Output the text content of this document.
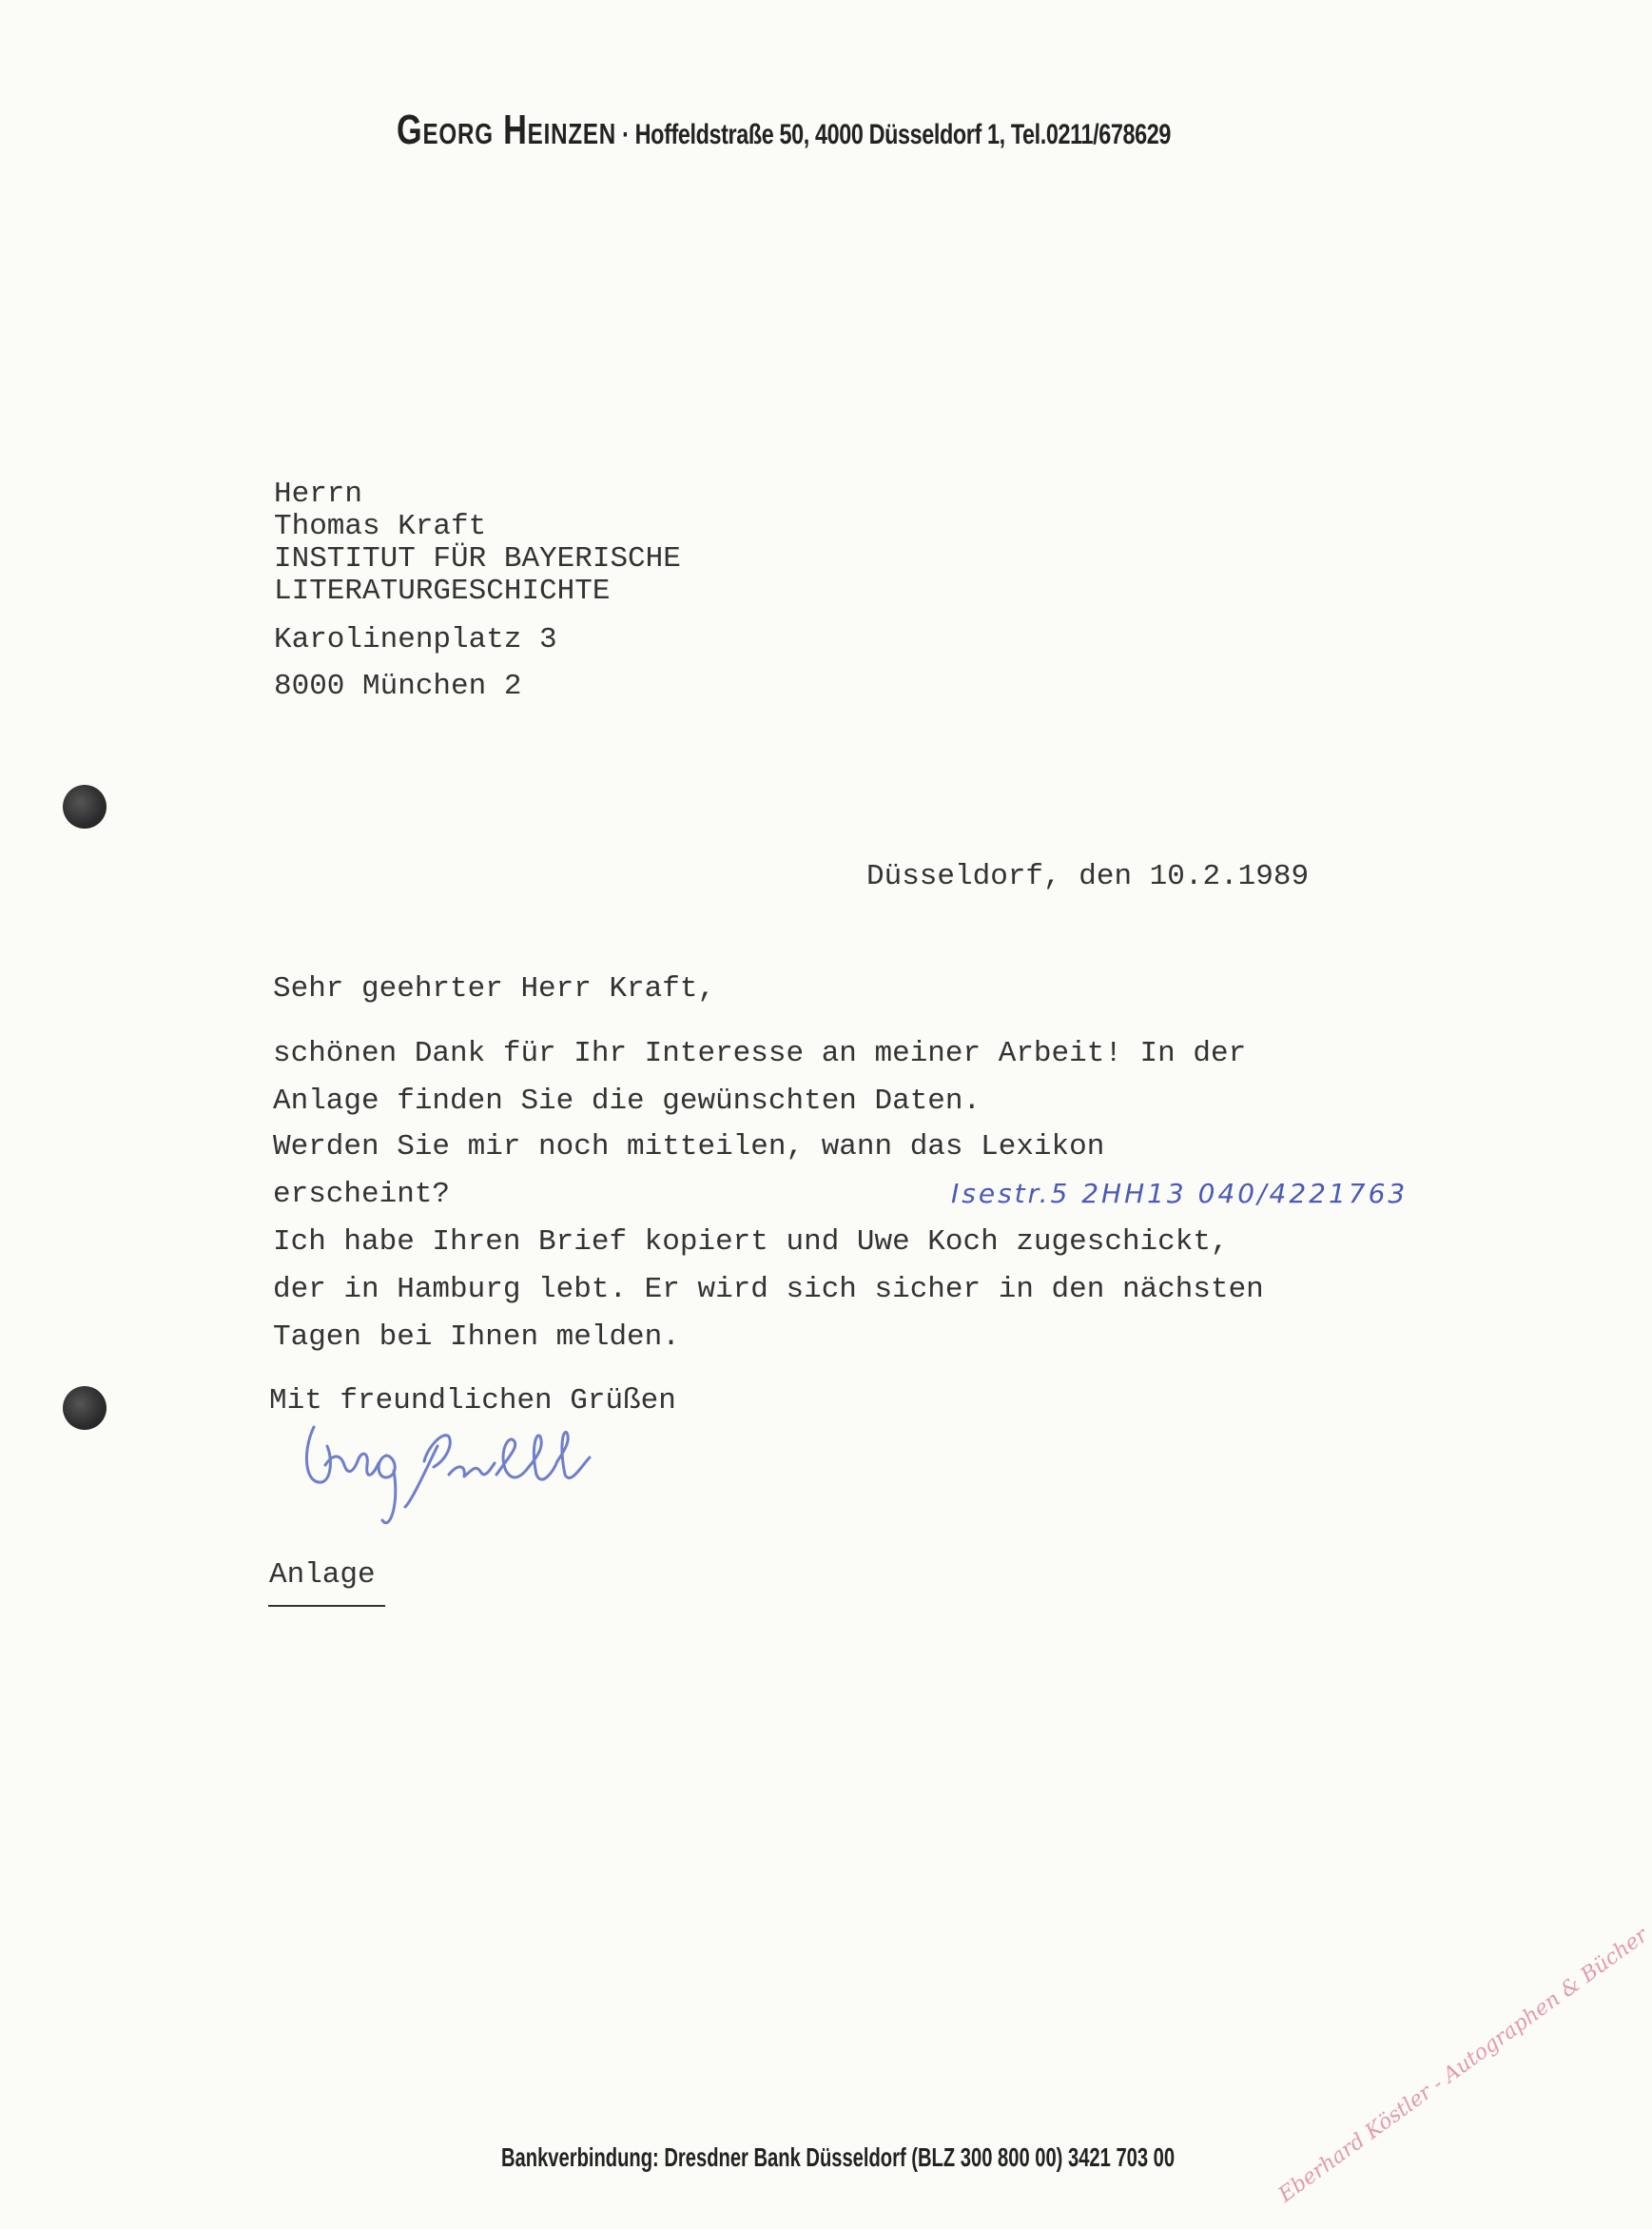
Georg Heinzen · Hoffeldstraße 50, 4000 Düsseldorf 1, Tel.0211/678629
Herrn
Thomas Kraft
INSTITUT FÜR BAYERISCHE
LITERATURGESCHICHTE
Karolinenplatz 3
8000 München 2
Düsseldorf, den 10.2.1989
Sehr geehrter Herr Kraft,
schönen Dank für Ihr Interesse an meiner Arbeit! In der
Anlage finden Sie die gewünschten Daten.
Werden Sie mir noch mitteilen, wann das Lexikon
erscheint?
Ich habe Ihren Brief kopiert und Uwe Koch zugeschickt,
der in Hamburg lebt. Er wird sich sicher in den nächsten
Tagen bei Ihnen melden.
Isestr.5 2HH13 040/4221763
Mit freundlichen Grüßen
Anlage
Bankverbindung: Dresdner Bank Düsseldorf (BLZ 300 800 00) 3421 703 00	Eberhard Köstler - Autographen & Bücher
